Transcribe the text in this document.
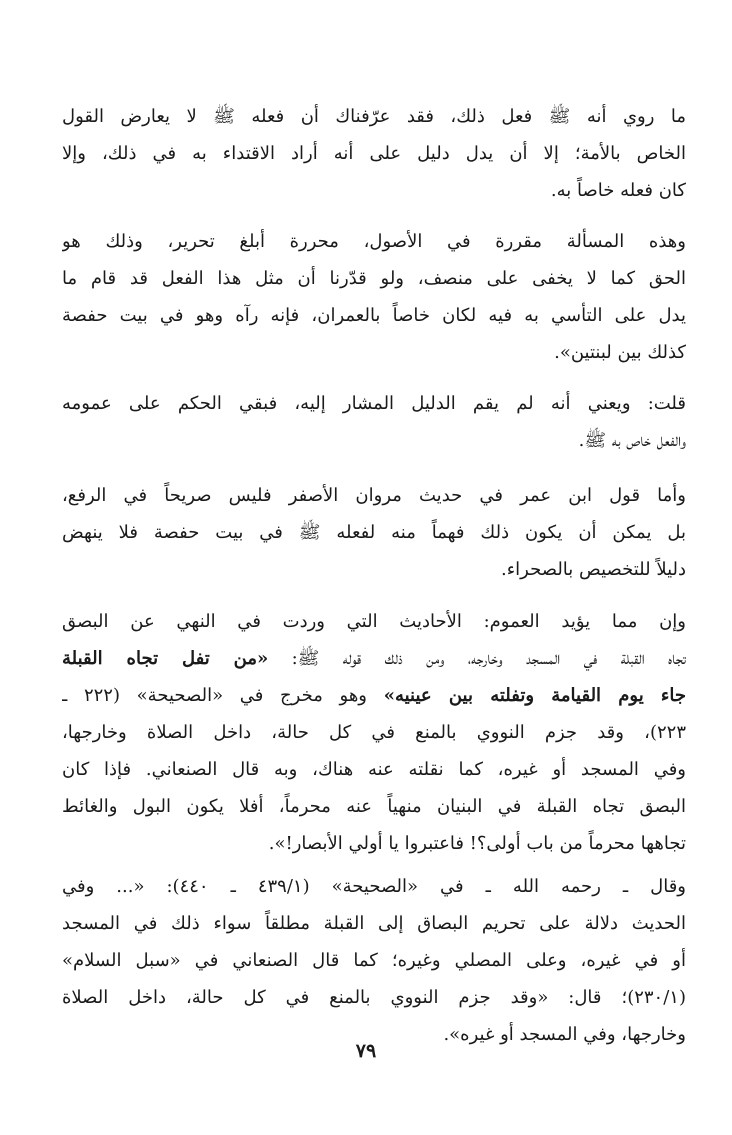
ما روي أنه ﷺ فعل ذلك، فقد عرّفناك أن فعله ﷺ لا يعارض القول
الخاص بالأمة؛ إلا أن يدل دليل على أنه أراد الاقتداء به في ذلك، وإلا
كان فعله خاصاً به.

وهذه المسألة مقررة في الأصول، محررة أبلغ تحرير، وذلك هو
الحق كما لا يخفى على منصف، ولو قدّرنا أن مثل هذا الفعل قد قام ما
يدل على التأسي به فيه لكان خاصاً بالعمران، فإنه رآه وهو في بيت حفصة
كذلك بين لبنتين».

قلت: ويعني أنه لم يقم الدليل المشار إليه، فبقي الحكم على عمومه
والفعل خاص به ﷺ.

وأما قول ابن عمر في حديث مروان الأصفر فليس صريحاً في الرفع،
بل يمكن أن يكون ذلك فهماً منه لفعله ﷺ في بيت حفصة فلا ينهض
دليلاً للتخصيص بالصحراء.

وإن مما يؤيد العموم: الأحاديث التي وردت في النهي عن البصق
تجاه القبلة في المسجد وخارجه، ومن ذلك قوله ﷺ: «من تفل تجاه القبلة
جاء يوم القيامة وتفلته بين عينيه» وهو مخرج في «الصحيحة» (٢٢٢ ـ
٢٢٣)، وقد جزم النووي بالمنع في كل حالة، داخل الصلاة وخارجها،
وفي المسجد أو غيره، كما نقلته عنه هناك، وبه قال الصنعاني. فإذا كان
البصق تجاه القبلة في البنيان منهياً عنه محرماً، أفلا يكون البول والغائط
تجاهها محرماً من باب أولى؟! فاعتبروا يا أولي الأبصار!».

وقال ـ رحمه الله ـ في «الصحيحة» (٤٣٩/١ ـ ٤٤٠): «... وفي
الحديث دلالة على تحريم البصاق إلى القبلة مطلقاً سواء ذلك في المسجد
أو في غيره، وعلى المصلي وغيره؛ كما قال الصنعاني في «سبل السلام»
(٢٣٠/١)؛ قال: «وقد جزم النووي بالمنع في كل حالة، داخل الصلاة
وخارجها، وفي المسجد أو غيره».

٧٩
